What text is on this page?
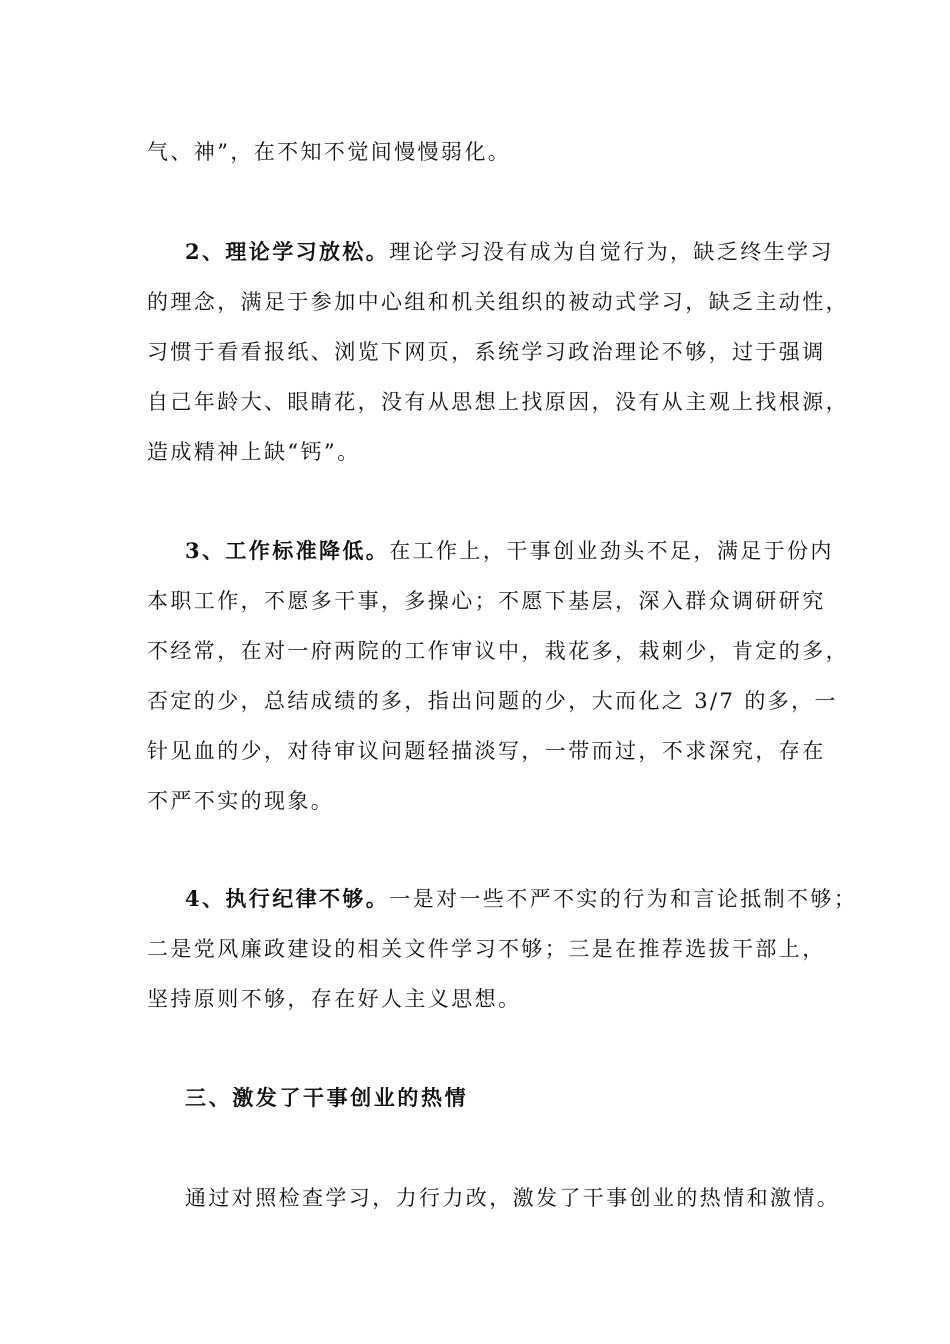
气、神”，在不知不觉间慢慢弱化。
2、理论学习放松。理论学习没有成为自觉行为，缺乏终生学习
的理念，满足于参加中心组和机关组织的被动式学习，缺乏主动性，
习惯于看看报纸、浏览下网页，系统学习政治理论不够，过于强调
自己年龄大、眼睛花，没有从思想上找原因，没有从主观上找根源，
造成精神上缺“钙”。
3、工作标准降低。在工作上，干事创业劲头不足，满足于份内
本职工作，不愿多干事，多操心；不愿下基层，深入群众调研研究
不经常，在对一府两院的工作审议中，栽花多，栽刺少，肯定的多，
否定的少，总结成绩的多，指出问题的少，大而化之 3/7 的多，一
针见血的少，对待审议问题轻描淡写，一带而过，不求深究，存在
不严不实的现象。
4、执行纪律不够。一是对一些不严不实的行为和言论抵制不够；
二是党风廉政建设的相关文件学习不够；三是在推荐选拔干部上，
坚持原则不够，存在好人主义思想。
三、激发了干事创业的热情
通过对照检查学习，力行力改，激发了干事创业的热情和激情。
